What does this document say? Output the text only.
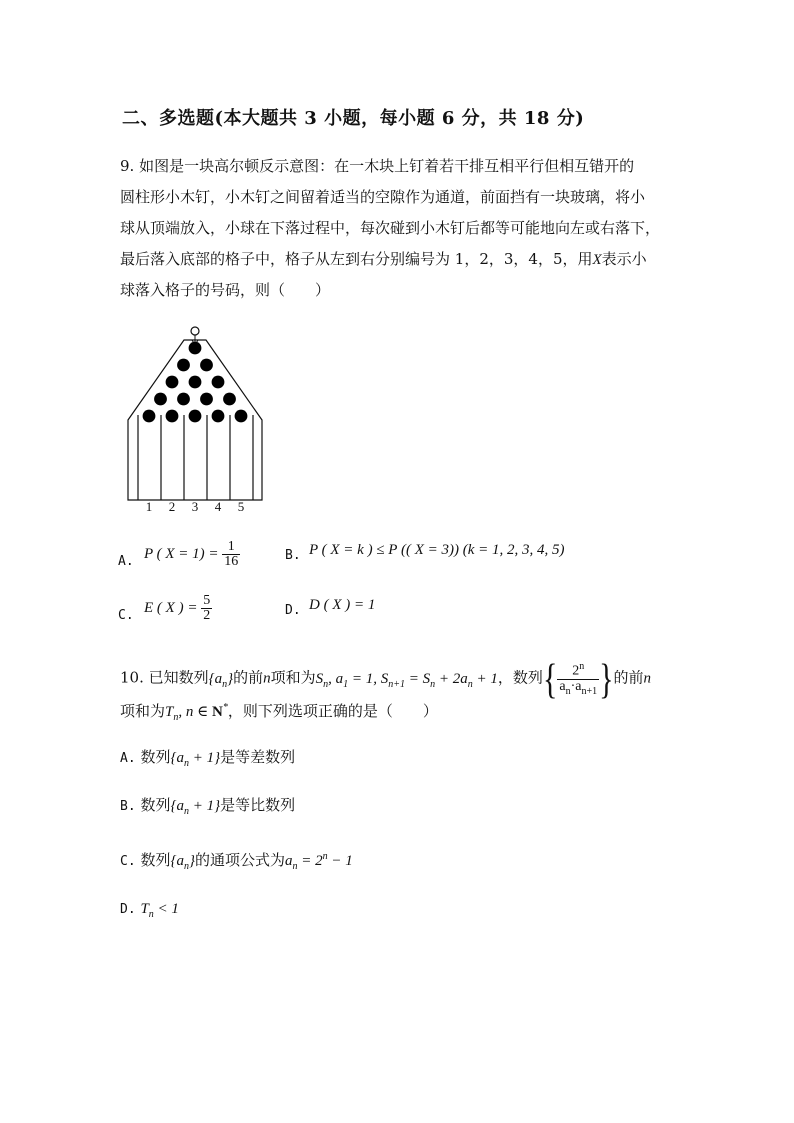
二、多选题(本大题共 3 小题，每小题 6 分，共 18 分)
9. 如图是一块高尔顿反示意图：在一木块上钉着若干排互相平行但相互错开的
圆柱形小木钉，小木钉之间留着适当的空隙作为通道，前面挡有一块玻璃，将小
球从顶端放入，小球在下落过程中，每次碰到小木钉后都等可能地向左或右落下，
最后落入底部的格子中，格子从左到右分别编号为 1，2，3，4，5，用X表示小
球落入格子的号码，则（　　）
1 2 3 4 5
A. P ( $X = 1) = \frac{1}{16}$	B. P ( X = k ) ≤ P (( X = 3)) (k = 1, 2, 3, 4, 5)
C. E ( X ) = $\frac{5}{2}$	D. D ( X ) = 1
10. 已知数列$\{a_n\}$的前n项和为$S_n$, $a_1 = 1$, $S_{n+1} = S_n + 2a_n + 1$，数列{ $\frac{2^n}{a_n\cdot a_{n+1}}$ }的前n
项和为$T_n$, n ∈ N*，则下列选项正确的是（　　）
A. 数列$\{a_n + 1\}$是等差数列
B. 数列$\{a_n + 1\}$是等比数列
C. 数列$\{a_n\}$的通项公式为$a_n = 2^n - 1$
D. $T_n < 1$
